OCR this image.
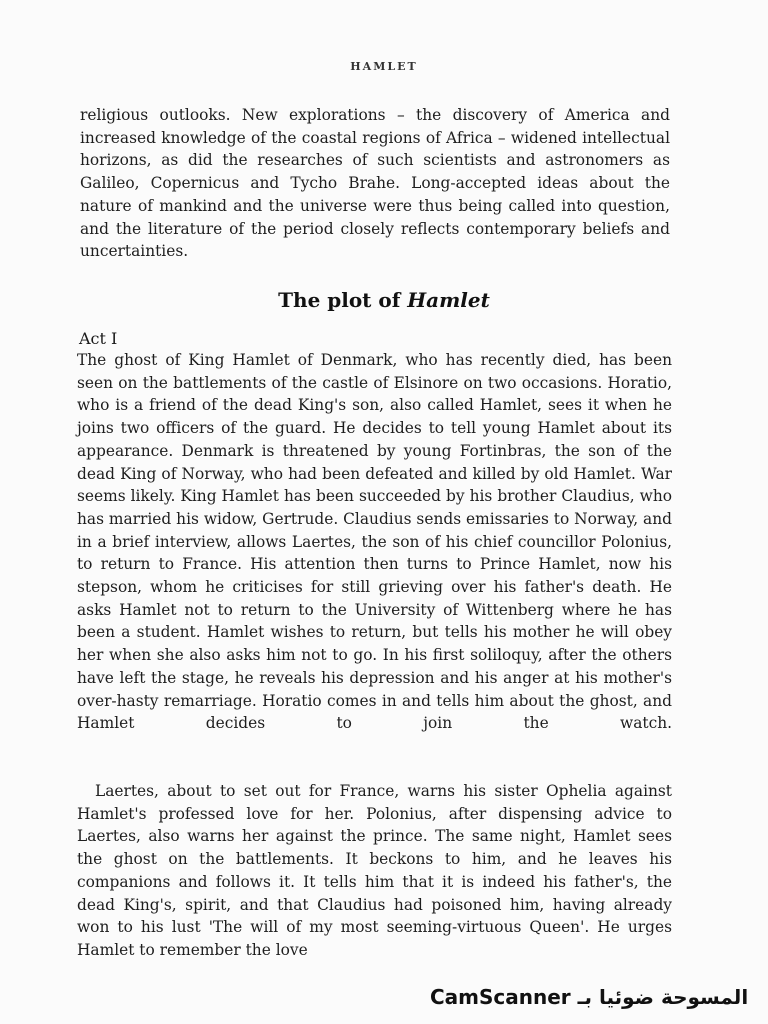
HAMLET

religious outlooks. New explorations – the discovery of America and increased knowledge of the coastal regions of Africa – widened intellectual horizons, as did the researches of such scientists and astronomers as Galileo, Copernicus and Tycho Brahe. Long-accepted ideas about the nature of mankind and the universe were thus being called into question, and the literature of the period closely reflects contemporary beliefs and uncertainties.

The plot of Hamlet
Act I

The ghost of King Hamlet of Denmark, who has recently died, has been seen on the battlements of the castle of Elsinore on two occasions. Horatio, who is a friend of the dead King's son, also called Hamlet, sees it when he joins two officers of the guard. He decides to tell young Hamlet about its appearance. Denmark is threatened by young Fortinbras, the son of the dead King of Norway, who had been defeated and killed by old Hamlet. War seems likely. King Hamlet has been succeeded by his brother Claudius, who has married his widow, Gertrude. Claudius sends emissaries to Norway, and in a brief interview, allows Laertes, the son of his chief councillor Polonius, to return to France. His attention then turns to Prince Hamlet, now his stepson, whom he criticises for still grieving over his father's death. He asks Hamlet not to return to the University of Wittenberg where he has been a student. Hamlet wishes to return, but tells his mother he will obey her when she also asks him not to go. In his first soliloquy, after the others have left the stage, he reveals his depression and his anger at his mother's over-hasty remarriage. Horatio comes in and tells him about the ghost, and Hamlet decides to join the watch.

Laertes, about to set out for France, warns his sister Ophelia against Hamlet's professed love for her. Polonius, after dispensing advice to Laertes, also warns her against the prince. The same night, Hamlet sees the ghost on the battlements. It beckons to him, and he leaves his companions and follows it. It tells him that it is indeed his father's, the dead King's, spirit, and that Claudius had poisoned him, having already won to his lust 'The will of my most seeming-virtuous Queen'. He urges Hamlet to remember the love

CamScanner المسوحة ضوئيا بـ
